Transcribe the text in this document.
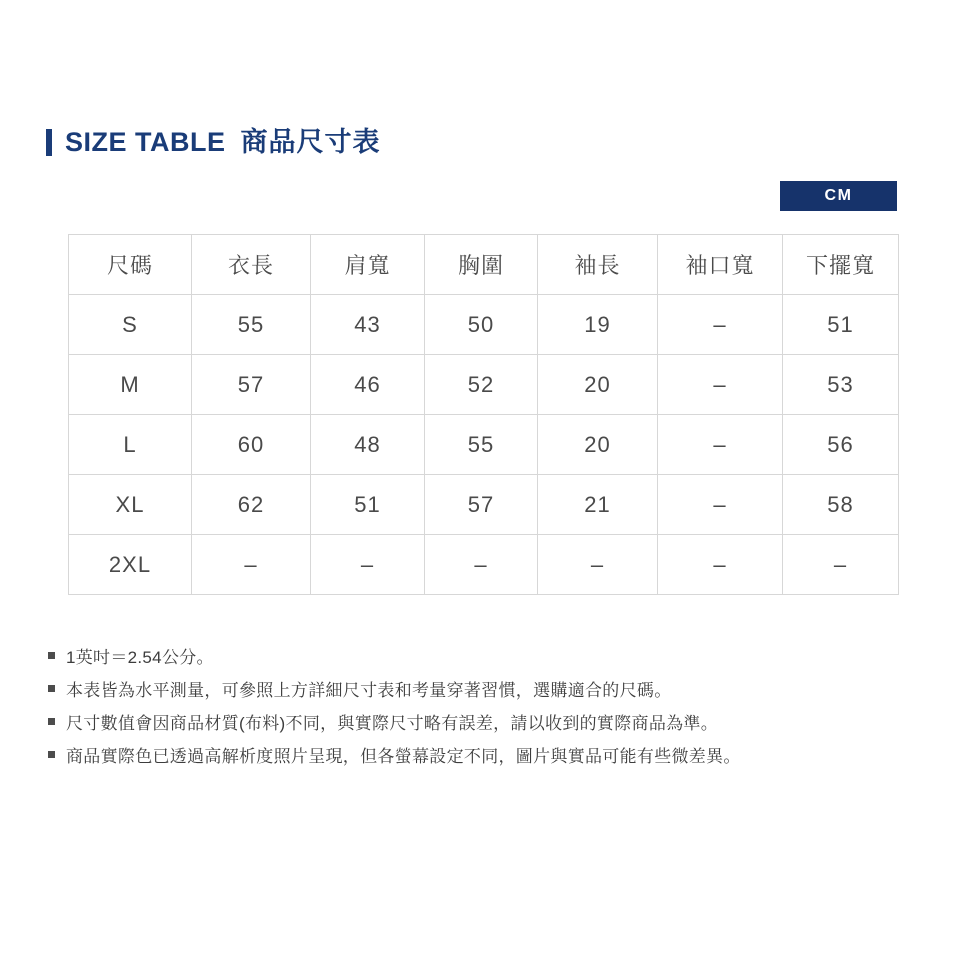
SIZE TABLE 商品尺寸表
CM
尺碼	衣長	肩寬	胸圍	袖長	袖口寬	下擺寬
S	55	43	50	19	–	51
M	57	46	52	20	–	53
L	60	48	55	20	–	56
XL	62	51	57	21	–	58
2XL	–	–	–	–	–	–
1英吋＝2.54公分。
本表皆為水平測量，可參照上方詳細尺寸表和考量穿著習慣，選購適合的尺碼。
尺寸數值會因商品材質(布料)不同，與實際尺寸略有誤差，請以收到的實際商品為準。
商品實際色已透過高解析度照片呈現，但各螢幕設定不同，圖片與實品可能有些微差異。
